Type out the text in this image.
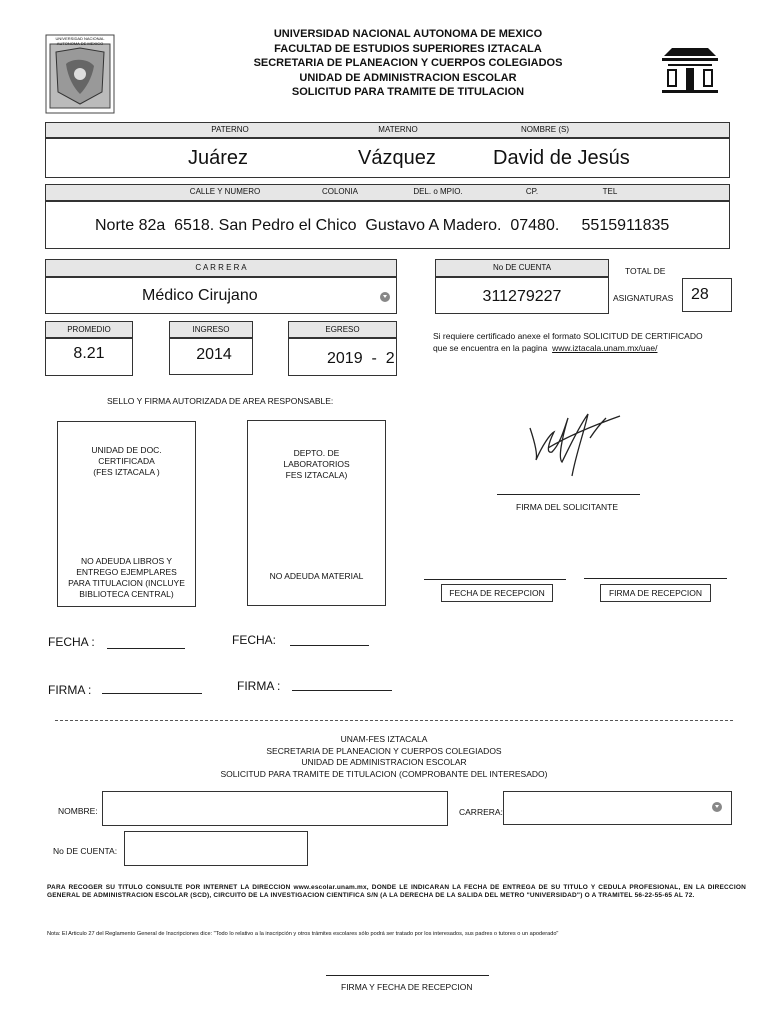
UNIVERSIDAD NACIONAL AUTONOMA DE MEXICO
UNIVERSIDAD NACIONAL AUTONOMA DE MEXICO
FACULTAD DE ESTUDIOS SUPERIORES IZTACALA
SECRETARIA DE PLANEACION Y CUERPOS COLEGIADOS
UNIDAD DE ADMINISTRACION ESCOLAR
SOLICITUD PARA TRAMITE DE TITULACION
PATERNO	MATERNO	NOMBRE (S)
Juárez	Vázquez	David de Jesús
CALLE Y NUMERO	COLONIA	DEL. o MPIO.	CP.	TEL
Norte 82a  6518. San Pedro el Chico  Gustavo A Madero.  07480.     5515911835
C A R R E R A
Médico Cirujano
No DE CUENTA
311279227
TOTAL DE
ASIGNATURAS 28
PROMEDIO
8.21
INGRESO
2014
EGRESO
2019  -  2
Si requiere certificado anexe el formato SOLICITUD DE CERTIFICADO
que se encuentra en la pagina  www.iztacala.unam.mx/uae/
SELLO Y FIRMA AUTORIZADA DE AREA RESPONSABLE:
UNIDAD DE DOC.
CERTIFICADA
(FES IZTACALA )
NO ADEUDA LIBROS Y
ENTREGO EJEMPLARES
PARA TITULACION (INCLUYE
BIBLIOTECA CENTRAL)
DEPTO. DE
LABORATORIOS
FES IZTACALA)
NO ADEUDA MATERIAL
FIRMA DEL SOLICITANTE
FECHA DE RECEPCION	FIRMA DE RECEPCION
FECHA :	FECHA:
FIRMA :	FIRMA :
UNAM-FES IZTACALA
SECRETARIA DE PLANEACION Y CUERPOS COLEGIADOS
UNIDAD DE ADMINISTRACION ESCOLAR
SOLICITUD PARA TRAMITE DE TITULACION (COMPROBANTE DEL INTERESADO)
NOMBRE:	CARRERA:
No DE CUENTA:
PARA RECOGER SU TITULO CONSULTE POR INTERNET LA DIRECCION www.escolar.unam.mx, DONDE LE INDICARAN LA FECHA DE ENTREGA DE SU TITULO Y CEDULA PROFESIONAL, EN LA DIRECCION GENERAL DE ADMINISTRACION ESCOLAR (SCD), CIRCUITO DE LA INVESTIGACION CIENTIFICA S/N (A LA DERECHA DE LA SALIDA DEL METRO "UNIVERSIDAD") O A TRAMITEL 56-22-55-65 AL 72.
Nota: El Articulo 27 del Reglamento General de Inscripciones dice: "Todo lo relativo a la inscripción y otros trámites escolares sólo podrá ser tratado por los interesados, sus padres o tutores o un apoderado"
FIRMA Y FECHA DE RECEPCION
